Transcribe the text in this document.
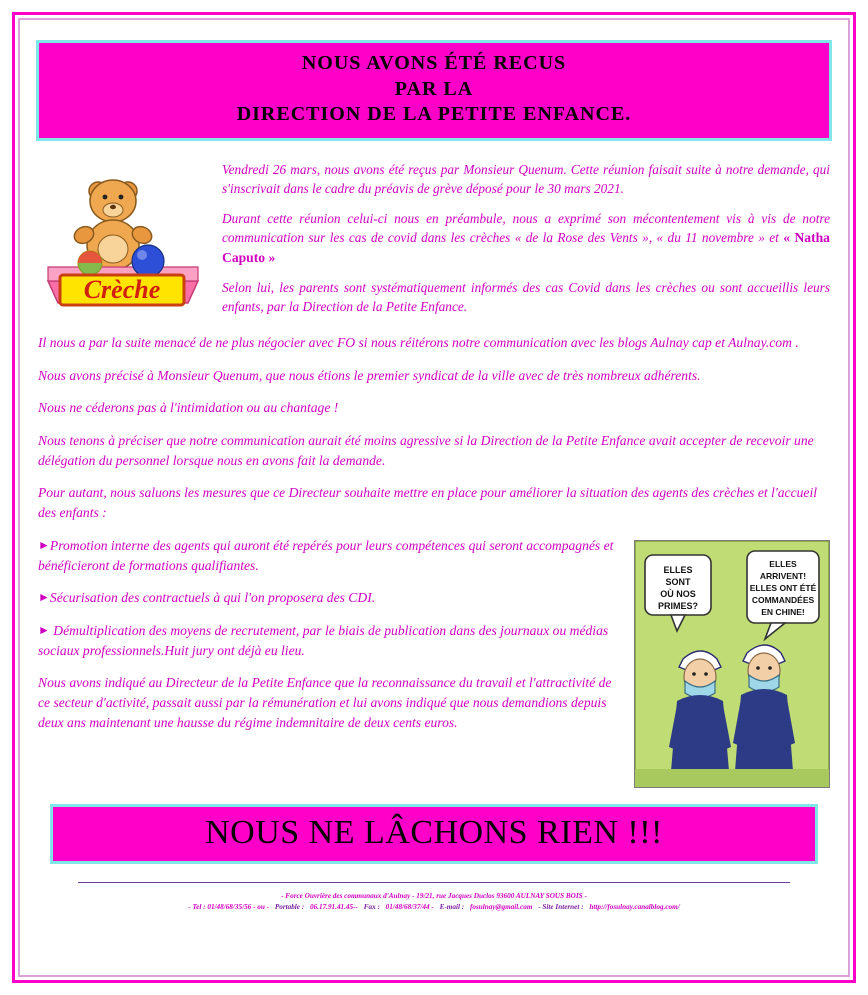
NOUS AVONS ÉTÉ RECUS
PAR LA
DIRECTION DE LA PETITE ENFANCE.
Crèche

Vendredi 26 mars, nous avons été reçus par Monsieur Quenum. Cette réunion faisait suite à notre demande, qui s'inscrivait dans le cadre du préavis de grève déposé pour le 30 mars 2021.

Durant cette réunion celui-ci nous en préambule, nous a exprimé son mécontentement vis à vis de notre communication sur les cas de covid dans les crèches « de la Rose des Vents », « du 11 novembre » et « Natha Caputo »

Selon lui, les parents sont systématiquement informés des cas Covid dans les crèches ou sont accueillis leurs enfants, par la Direction de la Petite Enfance.

Il nous a par la suite menacé de ne plus négocier avec FO si nous réitérons notre communication avec les blogs Aulnay cap et Aulnay.com .

Nous avons précisé à Monsieur Quenum, que nous étions le premier syndicat de la ville avec de très nombreux adhérents.

Nous ne céderons pas à l'intimidation ou au chantage !

Nous tenons à préciser que notre communication aurait été moins agressive si la Direction de la Petite Enfance avait accepter de recevoir une délégation du personnel lorsque nous en avons fait la demande.

Pour autant, nous saluons les mesures que ce Directeur souhaite mettre en place pour améliorer la situation des agents des crèches et l'accueil des enfants :

ELLES
SONT
OÙ NOS
PRIMES?
ELLES
ARRIVENT!
ELLES ONT ÉTÉ
COMMANDÉES
EN CHINE!

►Promotion interne des agents qui auront été repérés pour leurs compétences qui seront accompagnés et bénéficieront de formations qualifiantes.

►Sécurisation des contractuels à qui l'on proposera des CDI.

► Démultiplication des moyens de recrutement, par le biais de publication dans des journaux ou médias sociaux professionnels.Huit jury ont déjà eu lieu.

Nous avons indiqué au Directeur de la Petite Enfance que la reconnaissance du travail et l'attractivité de ce secteur d'activité, passait aussi par la rémunération et lui avons indiqué que nous demandions depuis deux ans maintenant une hausse du régime indemnitaire de deux cents euros.

NOUS NE LÂCHONS RIEN !!!
- Force Ouvrière des communaux d'Aulnay - 19/21, rue Jacques Duclos 93600 AULNAY SOUS BOIS -
- Tel : 01/48/68/35/56 - ou - Portable : 06.17.91.41.45-- Fax : 01/48/68/37/44 - E-mail : fosulnay@gmail.com - Site Internet : http://fosulnay.canalblog.com/
